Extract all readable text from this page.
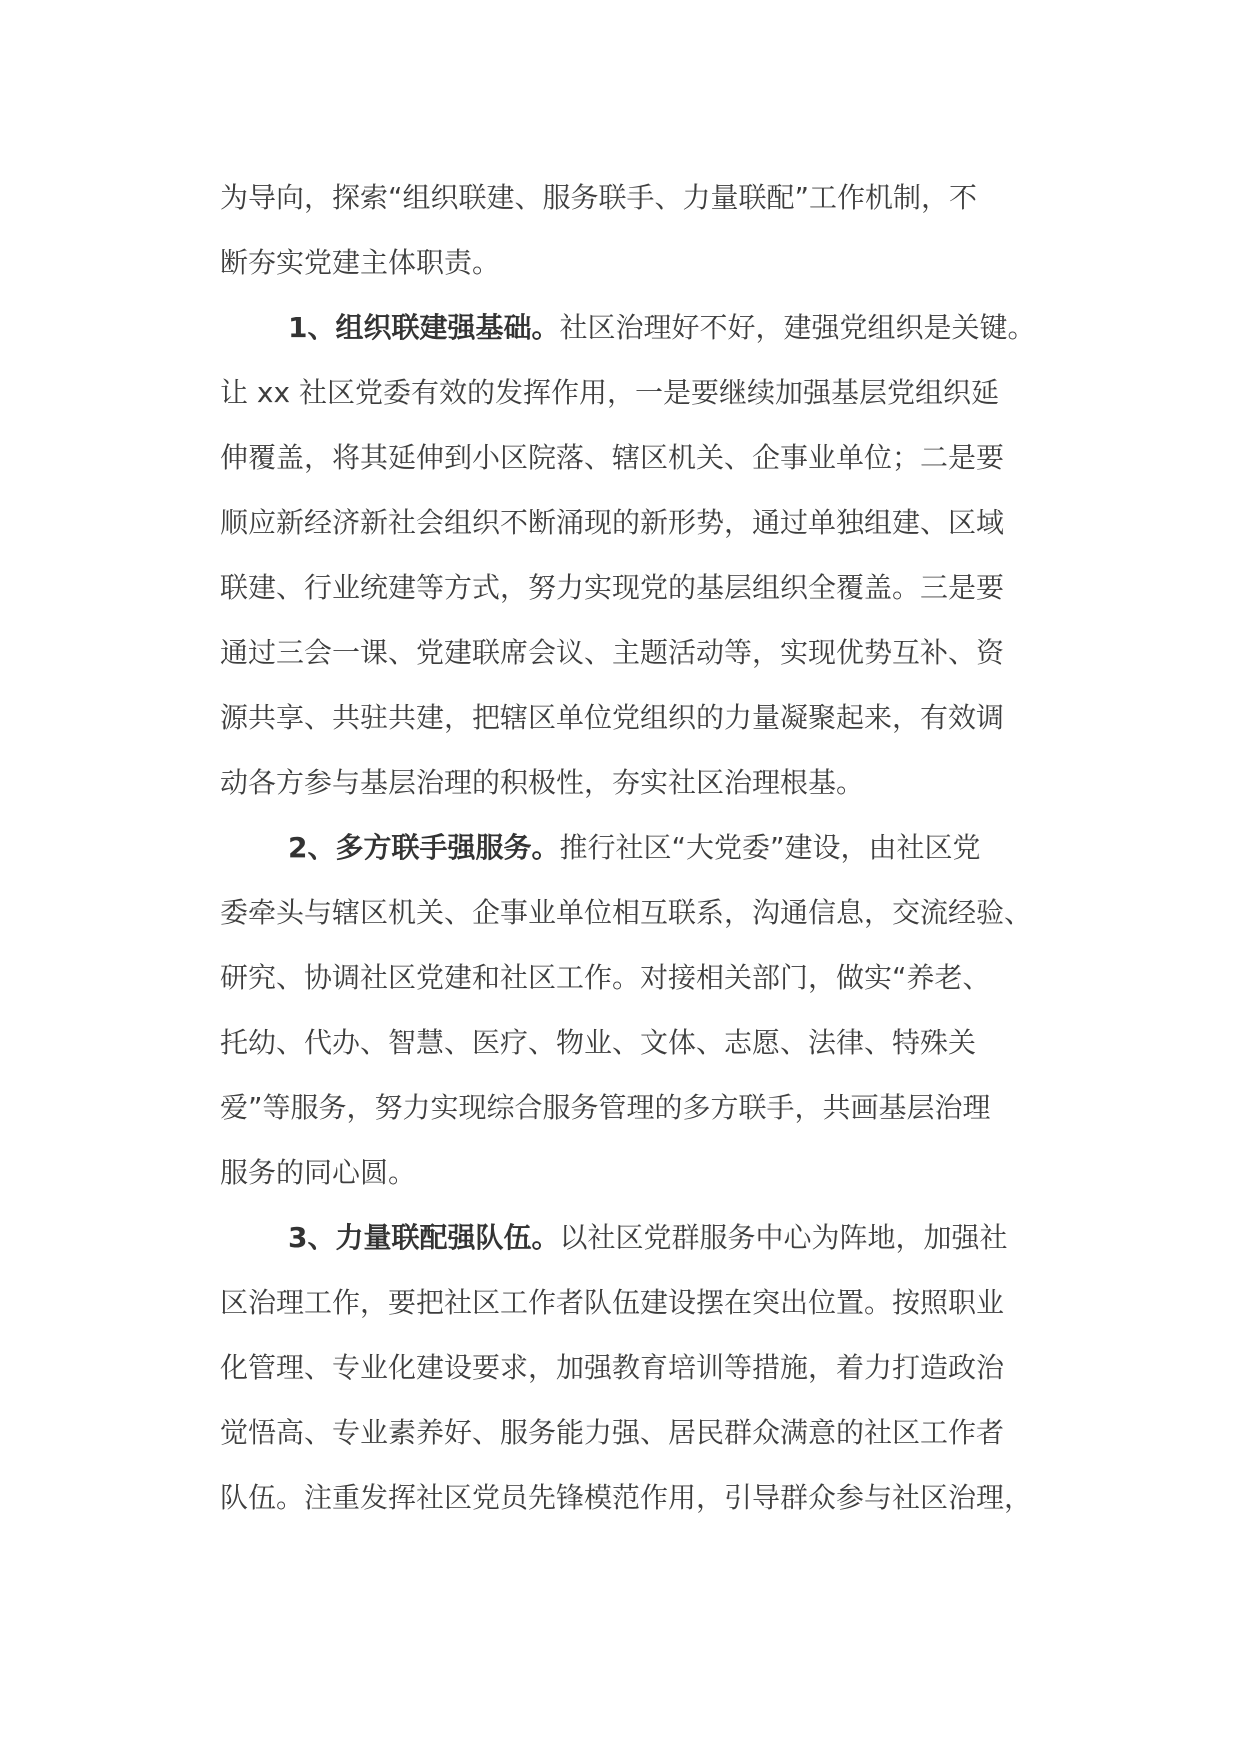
为导向，探索“组织联建、服务联手、力量联配”工作机制，不
断夯实党建主体职责。
1、组织联建强基础。社区治理好不好，建强党组织是关键。
让 xx 社区党委有效的发挥作用，一是要继续加强基层党组织延
伸覆盖，将其延伸到小区院落、辖区机关、企事业单位；二是要
顺应新经济新社会组织不断涌现的新形势，通过单独组建、区域
联建、行业统建等方式，努力实现党的基层组织全覆盖。三是要
通过三会一课、党建联席会议、主题活动等，实现优势互补、资
源共享、共驻共建，把辖区单位党组织的力量凝聚起来，有效调
动各方参与基层治理的积极性，夯实社区治理根基。
2、多方联手强服务。推行社区“大党委”建设，由社区党
委牵头与辖区机关、企事业单位相互联系，沟通信息，交流经验、
研究、协调社区党建和社区工作。对接相关部门，做实“养老、
托幼、代办、智慧、医疗、物业、文体、志愿、法律、特殊关
爱”等服务，努力实现综合服务管理的多方联手，共画基层治理
服务的同心圆。
3、力量联配强队伍。以社区党群服务中心为阵地，加强社
区治理工作，要把社区工作者队伍建设摆在突出位置。按照职业
化管理、专业化建设要求，加强教育培训等措施，着力打造政治
觉悟高、专业素养好、服务能力强、居民群众满意的社区工作者
队伍。注重发挥社区党员先锋模范作用，引导群众参与社区治理，
